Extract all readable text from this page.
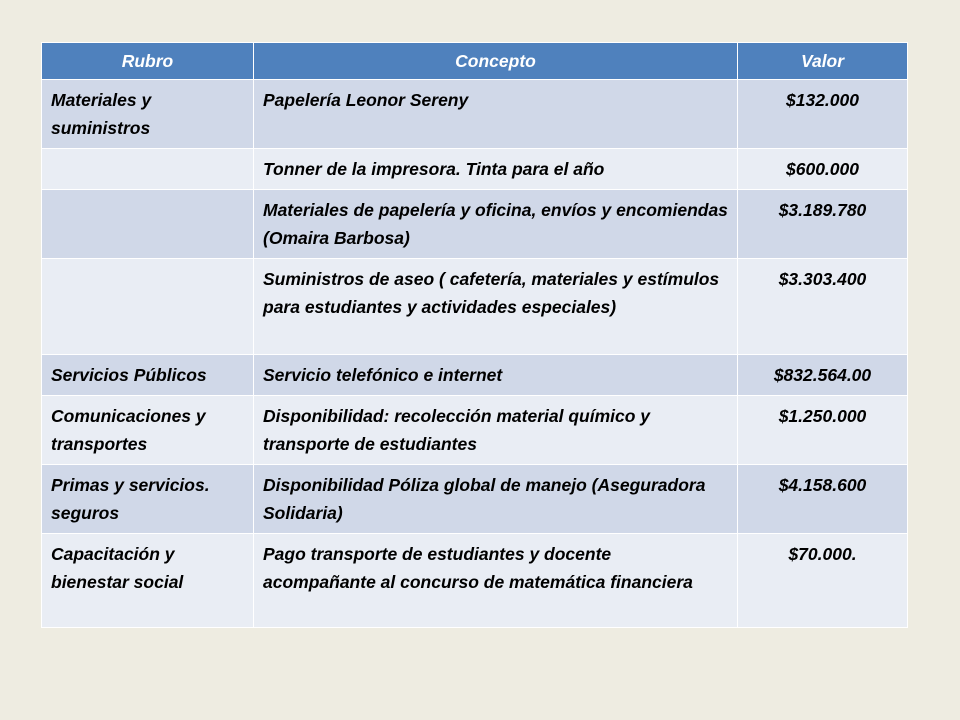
Rubro	Concepto	Valor
Materiales y suministros	Papelería Leonor Sereny	$132.000
	Tonner de la impresora. Tinta para el año	$600.000
	Materiales de papelería y oficina, envíos y encomiendas (Omaira Barbosa)	$3.189.780
	Suministros de aseo ( cafetería, materiales y estímulos para estudiantes y actividades especiales)	$3.303.400
Servicios Públicos	Servicio telefónico e internet	$832.564.00
Comunicaciones y transportes	Disponibilidad: recolección material químico y transporte de estudiantes	$1.250.000
Primas y servicios. seguros	Disponibilidad Póliza global de manejo (Aseguradora Solidaria)	$4.158.600
Capacitación y bienestar social	Pago transporte de estudiantes y docente acompañante al concurso de matemática financiera	$70.000.
